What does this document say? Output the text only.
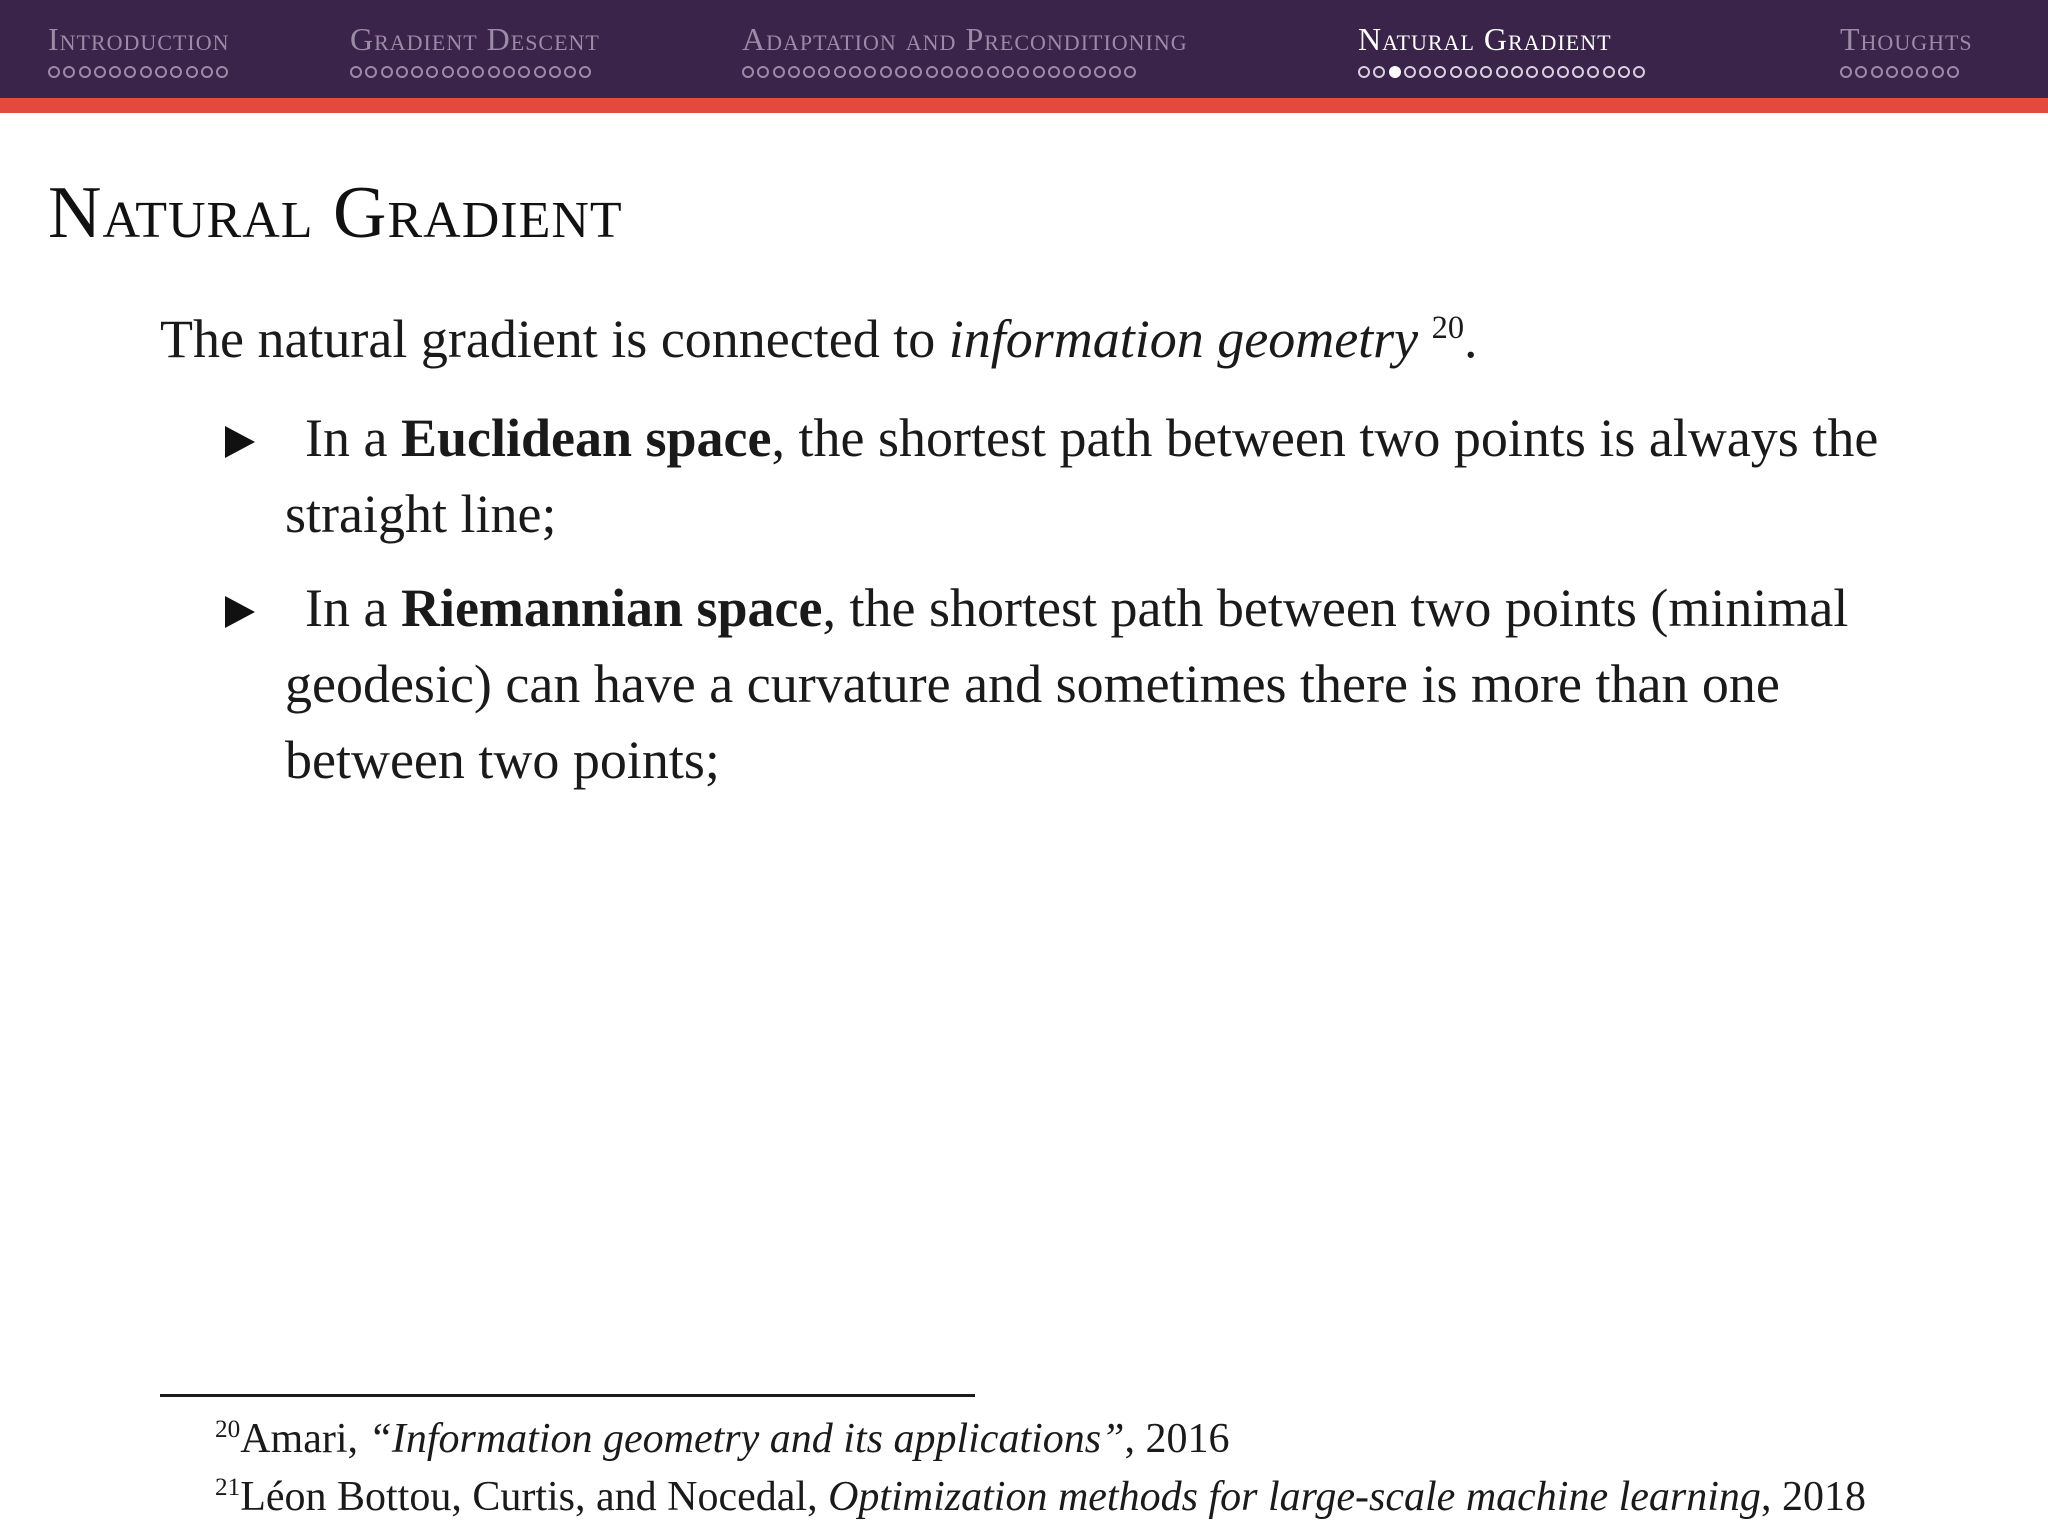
Introduction	Gradient Descent	Adaptation and Preconditioning	Natural Gradient	Thoughts
Natural Gradient
The natural gradient is connected to information geometry $^{20}$.
In a Euclidean space, the shortest path between two points is always the straight line;
In a Riemannian space, the shortest path between two points (minimal geodesic) can have a curvature and sometimes there is more than one between two points;
$^{20}$Amari, “Information geometry and its applications”, 2016
$^{21}$Léon Bottou, Curtis, and Nocedal, Optimization methods for large-scale machine learning, 2018
